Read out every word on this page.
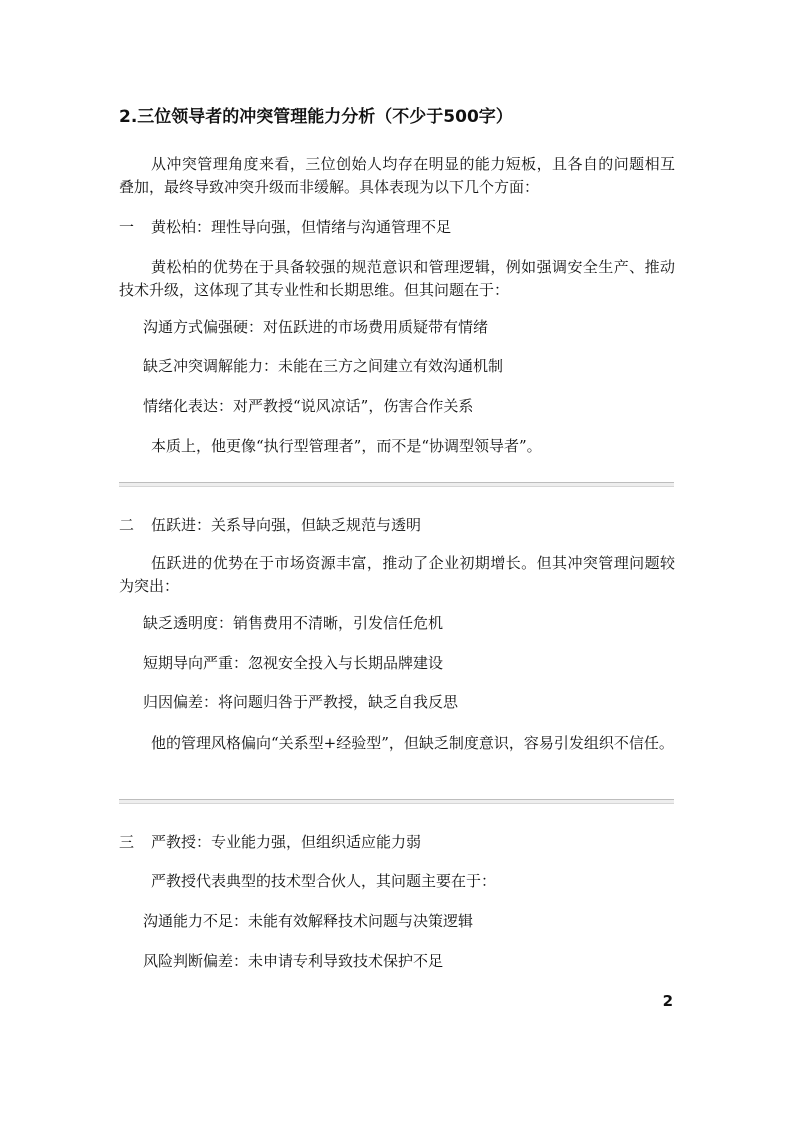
2.三位领导者的冲突管理能力分析（不少于500字）

从冲突管理角度来看，三位创始人均存在明显的能力短板，且各自的问题相互叠加，最终导致冲突升级而非缓解。具体表现为以下几个方面：

一 黄松柏：理性导向强，但情绪与沟通管理不足

黄松柏的优势在于具备较强的规范意识和管理逻辑，例如强调安全生产、推动技术升级，这体现了其专业性和长期思维。但其问题在于：

沟通方式偏强硬：对伍跃进的市场费用质疑带有情绪
缺乏冲突调解能力：未能在三方之间建立有效沟通机制
情绪化表达：对严教授“说风凉话”，伤害合作关系
本质上，他更像“执行型管理者”，而不是“协调型领导者”。
二 伍跃进：关系导向强，但缺乏规范与透明

伍跃进的优势在于市场资源丰富，推动了企业初期增长。但其冲突管理问题较为突出：

缺乏透明度：销售费用不清晰，引发信任危机
短期导向严重：忽视安全投入与长期品牌建设
归因偏差：将问题归咎于严教授，缺乏自我反思

他的管理风格偏向“关系型+经验型”，但缺乏制度意识，容易引发组织不信任。

三 严教授：专业能力强，但组织适应能力弱
严教授代表典型的技术型合伙人，其问题主要在于：
沟通能力不足：未能有效解释技术问题与决策逻辑
风险判断偏差：未申请专利导致技术保护不足
2
